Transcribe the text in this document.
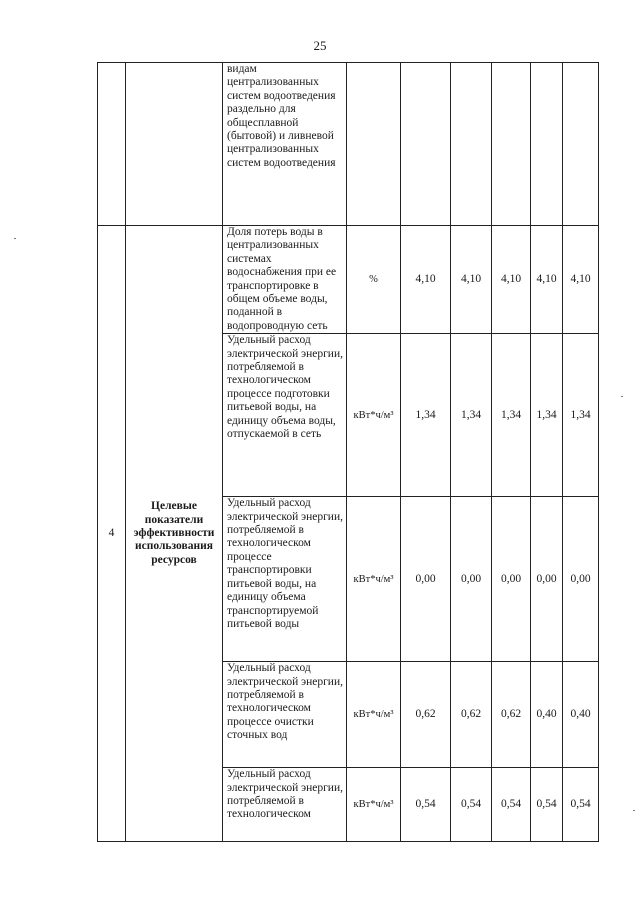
25

		видам централизованных систем водоотведения раздельно для общесплавной (бытовой) и ливневой централизованных систем водоотведения						

4	Целевые показатели эффективности использования ресурсов	Доля потерь воды в централизованных системах водоснабжения при ее транспортировке в общем объеме воды, поданной в водопроводную сеть	%	4,10	4,10	4,10	4,10	4,10

		Удельный расход электрической энергии, потребляемой в технологическом процессе подготовки питьевой воды, на единицу объема воды, отпускаемой в сеть	кВт*ч/м³	1,34	1,34	1,34	1,34	1,34

		Удельный расход электрической энергии, потребляемой в технологическом процессе транспортировки питьевой воды, на единицу объема транспортируемой питьевой воды	кВт*ч/м³	0,00	0,00	0,00	0,00	0,00

		Удельный расход электрической энергии, потребляемой в технологическом процессе очистки сточных вод	кВт*ч/м³	0,62	0,62	0,62	0,40	0,40

		Удельный расход электрической энергии, потребляемой в технологическом	кВт*ч/м³	0,54	0,54	0,54	0,54	0,54
